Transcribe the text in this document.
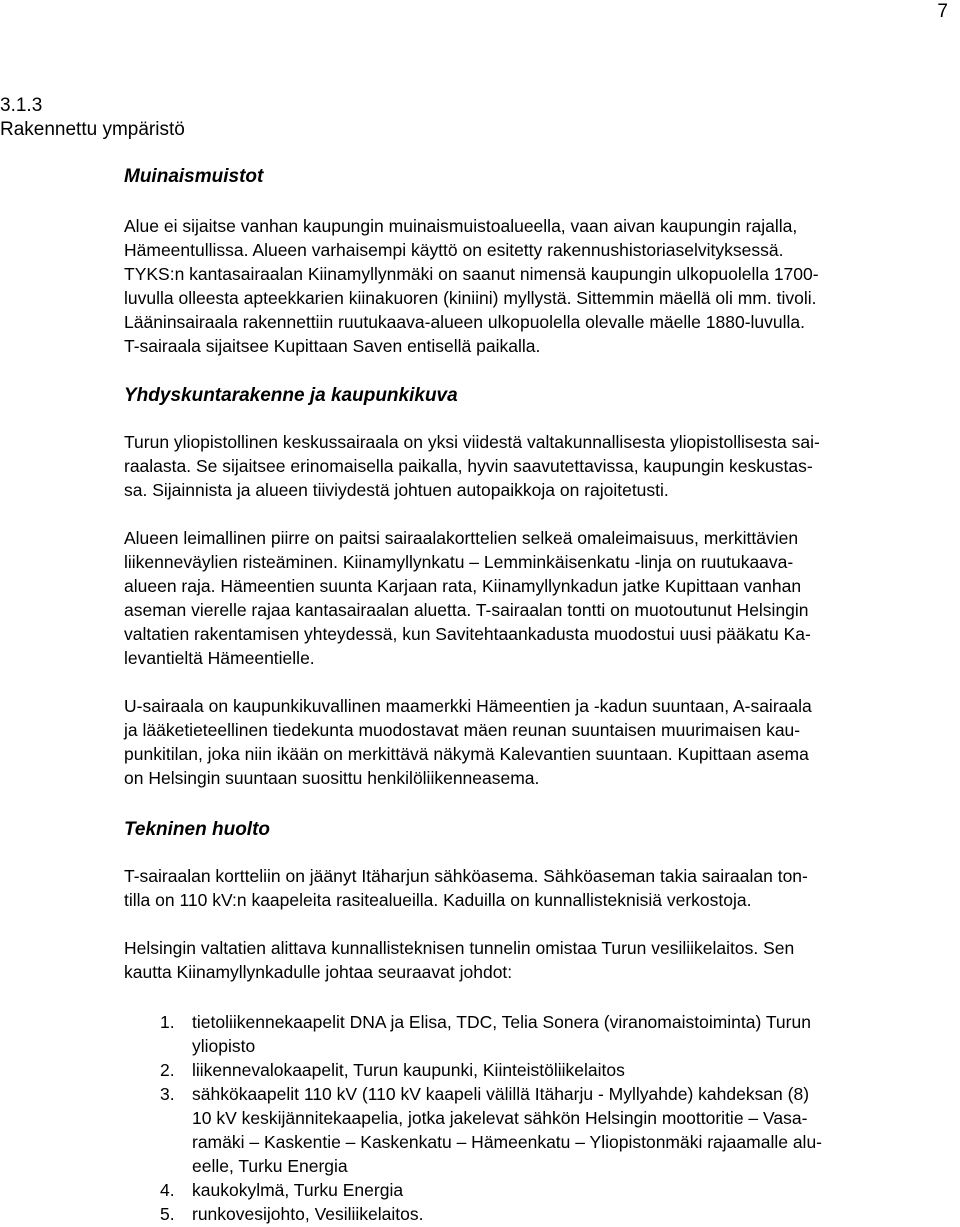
7
3.1.3
Rakennettu ympäristö
Muinaismuistot
Alue ei sijaitse vanhan kaupungin muinaismuistoalueella, vaan aivan kaupungin rajalla,
Hämeentullissa. Alueen varhaisempi käyttö on esitetty rakennushistoriaselvityksessä.
TYKS:n kantasairaalan Kiinamyllynmäki on saanut nimensä kaupungin ulkopuolella 1700-
luvulla olleesta apteekkarien kiinakuoren (kiniini) myllystä. Sittemmin mäellä oli mm. tivoli.
Lääninsairaala rakennettiin ruutukaava-alueen ulkopuolella olevalle mäelle 1880-luvulla.
T-sairaala sijaitsee Kupittaan Saven entisellä paikalla.
Yhdyskuntarakenne ja kaupunkikuva
Turun yliopistollinen keskussairaala on yksi viidestä valtakunnallisesta yliopistollisesta sai-
raalasta. Se sijaitsee erinomaisella paikalla, hyvin saavutettavissa, kaupungin keskustas-
sa. Sijainnista ja alueen tiiviydestä johtuen autopaikkoja on rajoitetusti.
Alueen leimallinen piirre on paitsi sairaalakorttelien selkeä omaleimaisuus, merkittävien
liikenneväylien risteäminen. Kiinamyllynkatu – Lemminkäisenkatu -linja on ruutukaava-
alueen raja. Hämeentien suunta Karjaan rata, Kiinamyllynkadun jatke Kupittaan vanhan
aseman vierelle rajaa kantasairaalan aluetta. T-sairaalan tontti on muotoutunut Helsingin
valtatien rakentamisen yhteydessä, kun Savitehtaankadusta muodostui uusi pääkatu Ka-
levantieltä Hämeentielle.
U-sairaala on kaupunkikuvallinen maamerkki Hämeentien ja -kadun suuntaan, A-sairaala
ja lääketieteellinen tiedekunta muodostavat mäen reunan suuntaisen muurimaisen kau-
punkitilan, joka niin ikään on merkittävä näkymä Kalevantien suuntaan. Kupittaan asema
on Helsingin suuntaan suosittu henkilöliikenneasema.
Tekninen huolto
T-sairaalan kortteliin on jäänyt Itäharjun sähköasema. Sähköaseman takia sairaalan ton-
tilla on 110 kV:n kaapeleita rasitealueilla. Kaduilla on kunnallisteknisiä verkostoja.
Helsingin valtatien alittava kunnallisteknisen tunnelin omistaa Turun vesiliikelaitos. Sen
kautta Kiinamyllynkadulle johtaa seuraavat johdot:
1. tietoliikennekaapelit DNA ja Elisa, TDC, Telia Sonera (viranomaistoiminta) Turun
yliopisto
2. liikennevalokaapelit, Turun kaupunki, Kiinteistöliikelaitos
3. sähkökaapelit 110 kV (110 kV kaapeli välillä Itäharju - Myllyahde) kahdeksan (8)
10 kV keskijännitekaapelia, jotka jakelevat sähkön Helsingin moottoritie – Vasa-
ramäki – Kaskentie – Kaskenkatu – Hämeenkatu – Yliopistonmäki rajaamalle alu-
eelle, Turku Energia
4. kaukokylmä, Turku Energia
5. runkovesijohto, Vesiliikelaitos.
